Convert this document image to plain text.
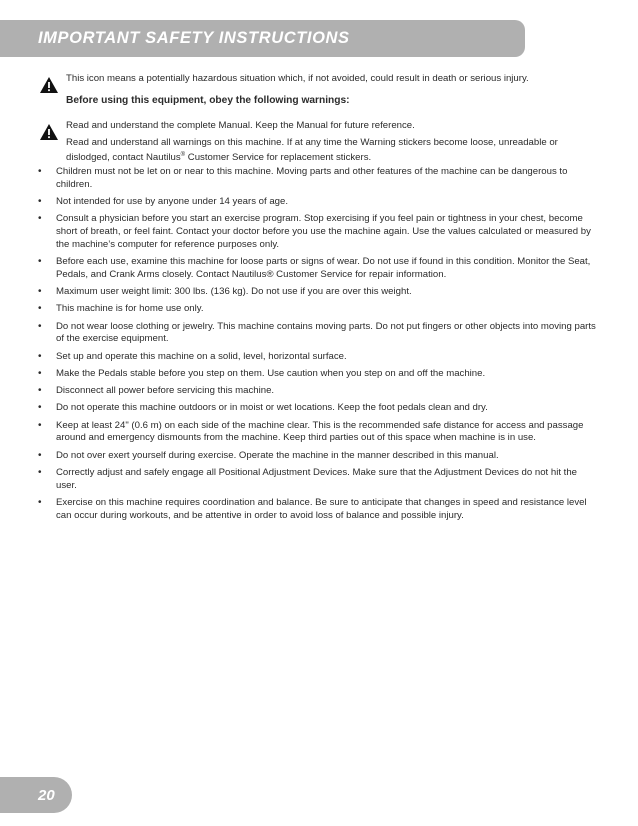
IMPORTANT SAFETY INSTRUCTIONS
This icon means a potentially hazardous situation which, if not avoided, could result in death or serious injury.
Before using this equipment, obey the following warnings:
Read and understand the complete Manual. Keep the Manual for future reference.
Read and understand all warnings on this machine. If at any time the Warning stickers become loose, unreadable or dislodged, contact Nautilus® Customer Service for replacement stickers.
• Children must not be let on or near to this machine. Moving parts and other features of the machine can be dangerous to children.
• Not intended for use by anyone under 14 years of age.
• Consult a physician before you start an exercise program. Stop exercising if you feel pain or tightness in your chest, become short of breath, or feel faint. Contact your doctor before you use the machine again. Use the values calculated or measured by the machine’s computer for reference purposes only.
• Before each use, examine this machine for loose parts or signs of wear. Do not use if found in this condition. Monitor the Seat, Pedals, and Crank Arms closely. Contact Nautilus® Customer Service for repair information.
• Maximum user weight limit: 300 lbs. (136 kg). Do not use if you are over this weight.
• This machine is for home use only.
• Do not wear loose clothing or jewelry. This machine contains moving parts. Do not put fingers or other objects into moving parts of the exercise equipment.
• Set up and operate this machine on a solid, level, horizontal surface.
• Make the Pedals stable before you step on them. Use caution when you step on and off the machine.
• Disconnect all power before servicing this machine.
• Do not operate this machine outdoors or in moist or wet locations. Keep the foot pedals clean and dry.
• Keep at least 24" (0.6 m) on each side of the machine clear. This is the recommended safe distance for access and passage around and emergency dismounts from the machine. Keep third parties out of this space when machine is in use.
• Do not over exert yourself during exercise. Operate the machine in the manner described in this manual.
• Correctly adjust and safely engage all Positional Adjustment Devices. Make sure that the Adjustment Devices do not hit the user.
• Exercise on this machine requires coordination and balance. Be sure to anticipate that changes in speed and resistance level can occur during workouts, and be attentive in order to avoid loss of balance and possible injury.
20
